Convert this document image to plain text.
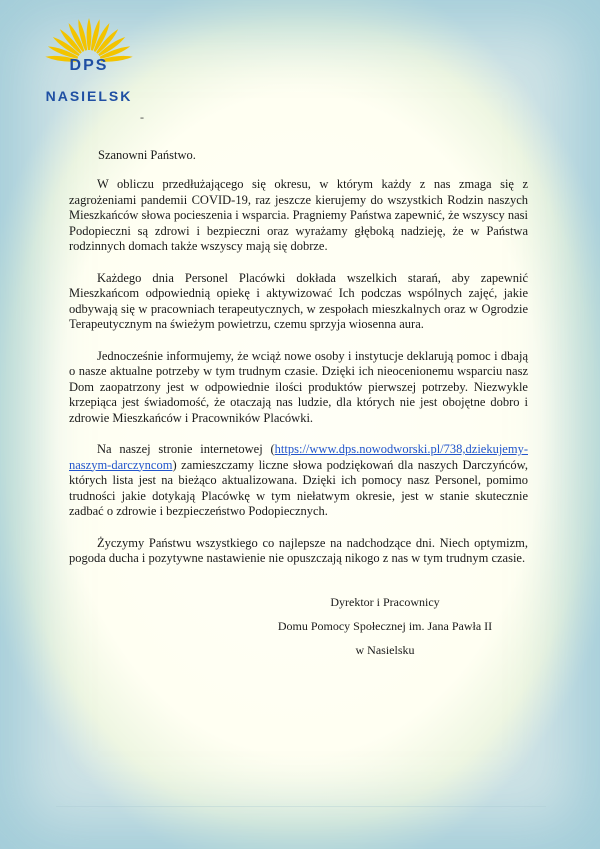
DPS
NASIELSK
-

Szanowni Państwo.

W obliczu przedłużającego się okresu, w którym każdy z nas zmaga się z zagrożeniami pandemii COVID-19, raz jeszcze kierujemy do wszystkich Rodzin naszych Mieszkańców słowa pocieszenia i wsparcia. Pragniemy Państwa zapewnić, że wszyscy nasi Podopieczni są zdrowi i bezpieczni oraz wyrażamy głęboką nadzieję, że w Państwa rodzinnych domach także wszyscy mają się dobrze.

Każdego dnia Personel Placówki dokłada wszelkich starań, aby zapewnić Mieszkańcom odpowiednią opiekę i aktywizować Ich podczas wspólnych zajęć, jakie odbywają się w pracowniach terapeutycznych, w zespołach mieszkalnych oraz w Ogrodzie Terapeutycznym na świeżym powietrzu, czemu sprzyja wiosenna aura.

Jednocześnie informujemy, że wciąż nowe osoby i instytucje deklarują pomoc i dbają o nasze aktualne potrzeby w tym trudnym czasie. Dzięki ich nieocenionemu wsparciu nasz Dom zaopatrzony jest w odpowiednie ilości produktów pierwszej potrzeby. Niezwykle krzepiąca jest świadomość, że otaczają nas ludzie, dla których nie jest obojętne dobro i zdrowie Mieszkańców i Pracowników Placówki.

Na naszej stronie internetowej (https://www.dps.nowodworski.pl/738,dziekujemy-naszym-darczyncom) zamieszczamy liczne słowa podziękowań dla naszych Darczyńców, których lista jest na bieżąco aktualizowana. Dzięki ich pomocy nasz Personel, pomimo trudności jakie dotykają Placówkę w tym niełatwym okresie, jest w stanie skutecznie zadbać o zdrowie i bezpieczeństwo Podopiecznych.

Życzymy Państwu wszystkiego co najlepsze na nadchodzące dni. Niech optymizm, pogoda ducha i pozytywne nastawienie nie opuszczają nikogo z nas w tym trudnym czasie.

Dyrektor i Pracownicy
Domu Pomocy Społecznej im. Jana Pawła II
w Nasielsku
